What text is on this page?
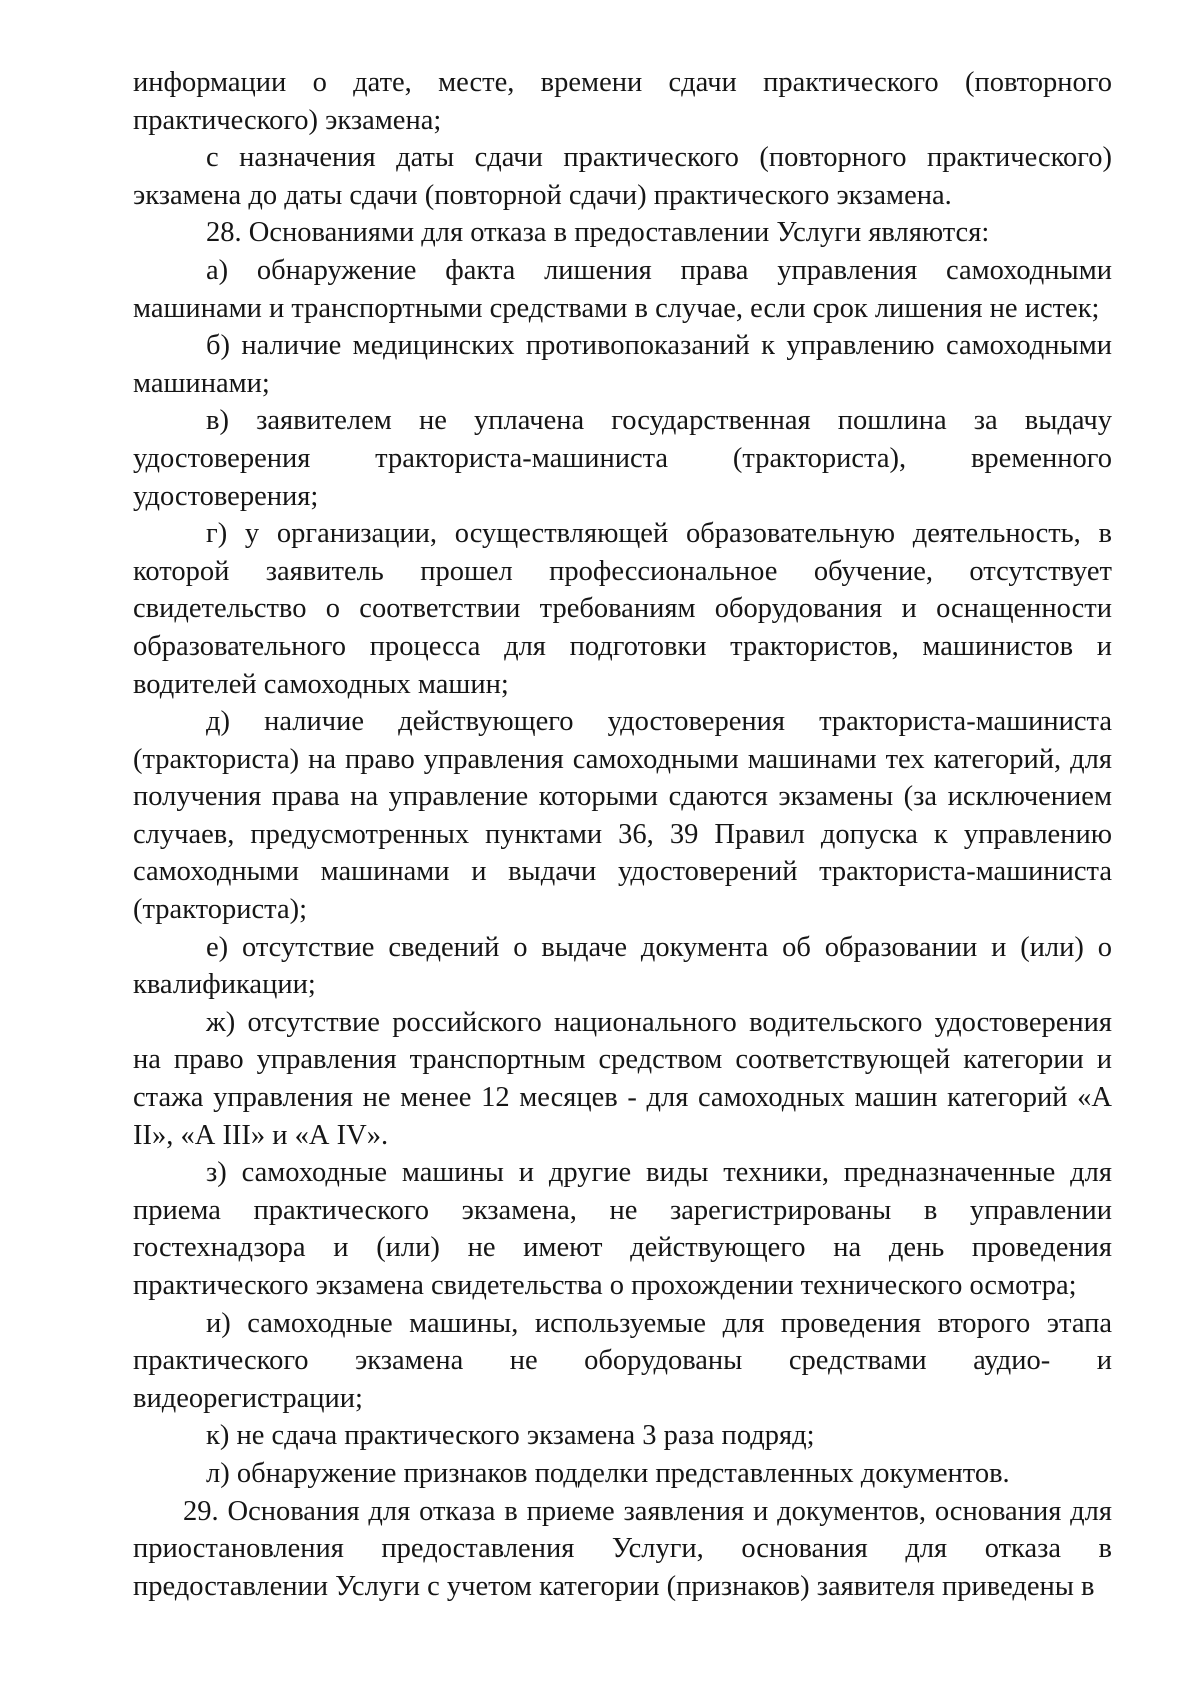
информации о дате, месте, времени сдачи практического (повторного практического) экзамена;

с назначения даты сдачи практического (повторного практического) экзамена до даты сдачи (повторной сдачи) практического экзамена.

28. Основаниями для отказа в предоставлении Услуги являются:

а) обнаружение факта лишения права управления самоходными машинами и транспортными средствами в случае, если срок лишения не истек;

б) наличие медицинских противопоказаний к управлению самоходными машинами;

в) заявителем не уплачена государственная пошлина за выдачу удостоверения тракториста-машиниста (тракториста), временного удостоверения;

г) у организации, осуществляющей образовательную деятельность, в которой заявитель прошел профессиональное обучение, отсутствует свидетельство о соответствии требованиям оборудования и оснащенности образовательного процесса для подготовки трактористов, машинистов и водителей самоходных машин;

д) наличие действующего удостоверения тракториста-машиниста (тракториста) на право управления самоходными машинами тех категорий, для получения права на управление которыми сдаются экзамены (за исключением случаев, предусмотренных пунктами 36, 39 Правил допуска к управлению самоходными машинами и выдачи удостоверений тракториста-машиниста (тракториста);

е) отсутствие сведений о выдаче документа об образовании и (или) о квалификации;

ж) отсутствие российского национального водительского удостоверения на право управления транспортным средством соответствующей категории и стажа управления не менее 12 месяцев - для самоходных машин категорий «А II», «А III» и «А IV».

з) самоходные машины и другие виды техники, предназначенные для приема практического экзамена, не зарегистрированы в управлении гостехнадзора и (или) не имеют действующего на день проведения практического экзамена свидетельства о прохождении технического осмотра;

и) самоходные машины, используемые для проведения второго этапа практического экзамена не оборудованы средствами аудио- и видеорегистрации;

к) не сдача практического экзамена 3 раза подряд;

л) обнаружение признаков подделки представленных документов.

29. Основания для отказа в приеме заявления и документов, основания для приостановления предоставления Услуги, основания для отказа в предоставлении Услуги с учетом категории (признаков) заявителя приведены в
